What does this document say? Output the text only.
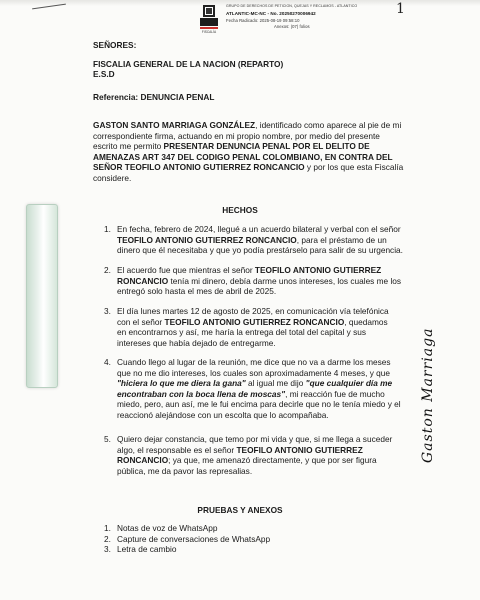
1
FISCALÍA
GRUPO DE DERECHOS DE PETICION, QUEJAS Y RECLAMOS - ATLANTICO
ATLANTIC-MC-NC - No. 20250270006942
Fecha Radicado: 2025-08-19 09:58:10
Anexos: (07) folios
SEÑORES:
FISCALIA GENERAL DE LA NACION (REPARTO)
E.S.D
Referencia: DENUNCIA PENAL
GASTON SANTO MARRIAGA GONZÁLEZ, identificado como aparece al pie de mi
correspondiente firma, actuando en mi propio nombre, por medio del presente
escrito me permito PRESENTAR DENUNCIA PENAL POR EL DELITO DE
AMENAZAS ART 347 DEL CODIGO PENAL COLOMBIANO, EN CONTRA DEL
SEÑOR TEOFILO ANTONIO GUTIERREZ RONCANCIO y por los que esta Fiscalía
considere.
HECHOS
1. En fecha, febrero de 2024, llegué a un acuerdo bilateral y verbal con el señor
TEOFILO ANTONIO GUTIERREZ RONCANCIO, para el préstamo de un
dinero que él necesitaba y que yo podía prestárselo para salir de su urgencia.
2. El acuerdo fue que mientras el señor TEOFILO ANTONIO GUTIERREZ
RONCANCIO tenía mi dinero, debía darme unos intereses, los cuales me los
entregó solo hasta el mes de abril de 2025.
3. El día lunes martes 12 de agosto de 2025, en comunicación vía telefónica
con el señor TEOFILO ANTONIO GUTIERREZ RONCANCIO, quedamos
en encontrarnos y así, me haría la entrega del total del capital y sus
intereses que había dejado de entregarme.
4. Cuando llego al lugar de la reunión, me dice que no va a darme los meses
que no me dio intereses, los cuales son aproximadamente 4 meses, y que
"hiciera lo que me diera la gana" al igual me dijo "que cualquier día me
encontraban con la boca llena de moscas", mi reacción fue de mucho
miedo, pero, aun así, me le fui encima para decirle que no le tenía miedo y el
reaccionó alejándose con un escolta que lo acompañaba.
5. Quiero dejar constancia, que temo por mi vida y que, si me llega a suceder
algo, el responsable es el señor TEOFILO ANTONIO GUTIERREZ
RONCANCIO; ya que, me amenazó directamente, y que por ser figura
pública, me da pavor las represalias.
PRUEBAS Y ANEXOS
1. Notas de voz de WhatsApp
2. Capture de conversaciones de WhatsApp
3. Letra de cambio
Gaston Marriaga
